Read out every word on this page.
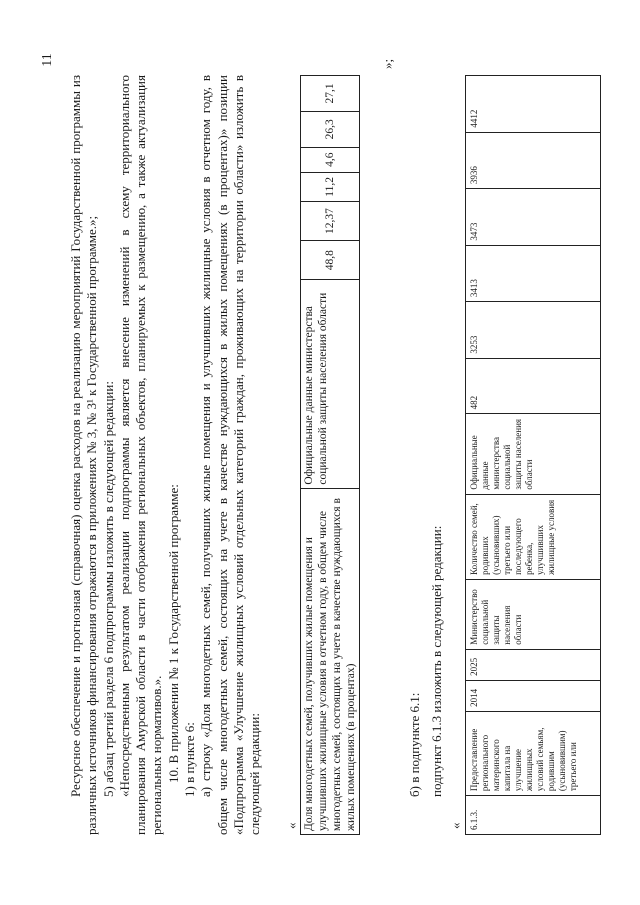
11

Ресурсное обеспечение и прогнозная (справочная) оценка расходов на реализацию мероприятий Государственной программы из различных источников финансирования отражаются в приложениях № 3, № 3¹ к Государственной программе.»; 5) абзац третий раздела 6 подпрограммы изложить в следующей редакции: «Непосредственным результатом реализации подпрограммы является внесение изменений в схему территориального планирования Амурской области в части отображения региональных объектов, планируемых к размещению, а также актуализация региональных нормативов.». 10. В приложении № 1 к Государственной программе: 1) в пункте 6: а) строку «Доля многодетных семей, получивших жилые помещения и улучшивших жилищные условия в отчетном году, в общем числе многодетных семей, состоящих на учете в качестве нуждающихся в жилых помещениях (в процентах)» позиции «Подпрограмма «Улучшение жилищных условий отдельных категорий граждан, проживающих на территории области» изложить в следующей редакции: « Доля многодетных семей, получивших жилые помещения и улучшивших жилищные условия в отчетном году, в общем числе многодетных семей, состоящих на учете в качестве нуждающихся в жилых помещениях (в процентах)	Официальные данные министерства социальной защиты населения области	48,8	12,37	11,2	4,6	26,3	27,1
»;
б) в подпункте 6.1: подпункт 6.1.3 изложить в следующей редакции:
« 6.1.3.	Предоставление регионального материнского капитала на улучшение жилищных условий семьям, родившим (усыновившим) третьего или	2014	2025	Министерство социальной защиты населения области	Количество семей, родивших (усыновивших) третьего или последующего ребенка, улучшивших жилищные условия	Официальные данные министерства социальной защиты населения области	482	3253	3413	3473	3936	4412
